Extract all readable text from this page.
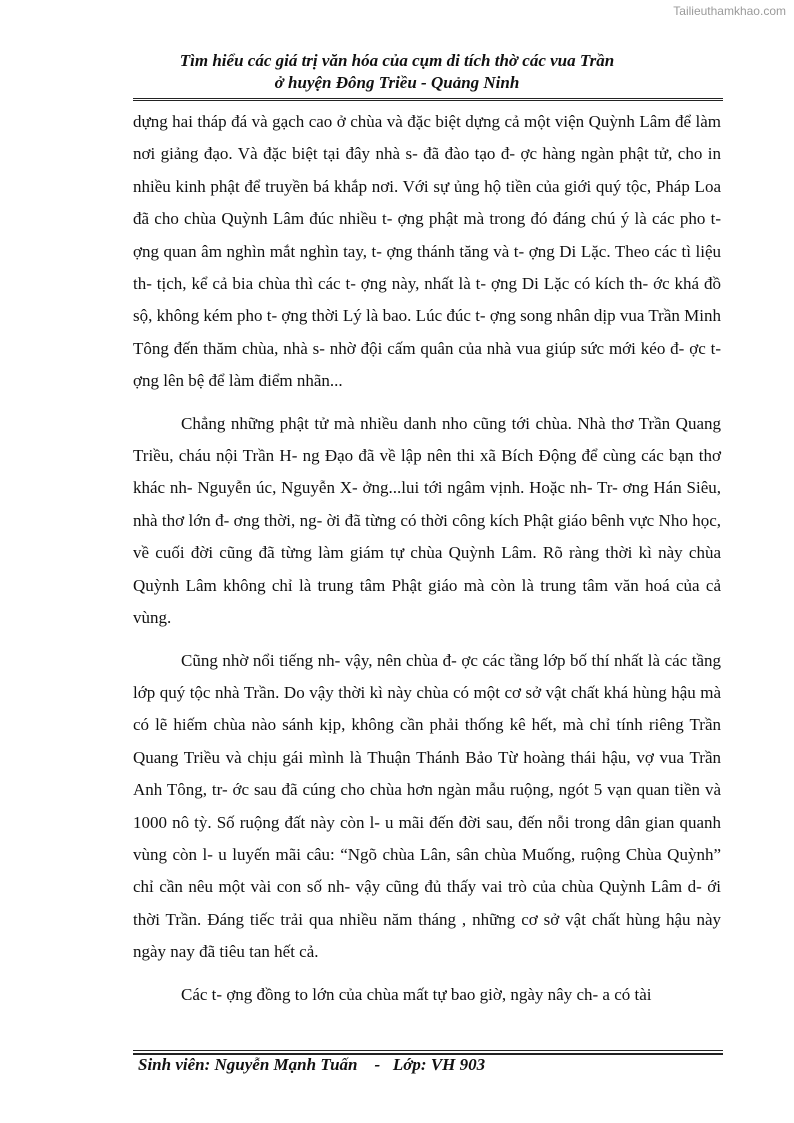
Tailieuthamkhao.com
Tìm hiểu các giá trị văn hóa của cụm di tích thờ các vua Trần
ở huyện Đông Triều - Quảng Ninh

dựng hai tháp đá và gạch cao ở chùa và đặc biệt dựng cả một viện Quỳnh Lâm để làm nơi giảng đạo. Và đặc biệt tại đây nhà s- đã đào tạo đ- ợc hàng ngàn phật tử, cho in nhiều kinh phật để truyền bá khắp nơi. Với sự ủng hộ tiền của giới quý tộc, Pháp Loa đã cho chùa Quỳnh Lâm đúc nhiều t- ợng phật mà trong đó đáng chú ý là các pho t- ợng quan âm nghìn mắt nghìn tay, t- ợng thánh tăng và t- ợng Di Lặc. Theo các tì liệu th- tịch, kể cả bia chùa thì các t- ợng này, nhất là t- ợng Di Lặc có kích th- ớc khá đồ sộ, không kém pho t- ợng thời Lý là bao. Lúc đúc t- ợng song nhân dịp vua Trần Minh Tông đến thăm chùa, nhà s- nhờ đội cấm quân của nhà vua giúp sức mới kéo đ- ợc t- ợng lên bệ để làm điểm nhãn...

Chẳng những phật tử mà nhiều danh nho cũng tới chùa. Nhà thơ Trần Quang Triều, cháu nội Trần H- ng Đạo đã về lập nên thi xã Bích Động để cùng các bạn thơ khác nh- Nguyễn úc, Nguyễn X- ởng...lui tới ngâm vịnh. Hoặc nh- Tr- ơng Hán Siêu, nhà thơ lớn đ- ơng thời, ng- ời đã từng có thời công kích Phật giáo bênh vực Nho học, về cuối đời cũng đã từng làm giám tự chùa Quỳnh Lâm. Rõ ràng thời kì này chùa Quỳnh Lâm không chỉ là trung tâm Phật giáo mà còn là trung tâm văn hoá của cả vùng.

Cũng nhờ nổi tiếng nh- vậy, nên chùa đ- ợc các tầng lớp bố thí nhất là các tầng lớp quý tộc nhà Trần. Do vậy thời kì này chùa có một cơ sở vật chất khá hùng hậu mà có lẽ hiếm chùa nào sánh kịp, không cần phải thống kê hết, mà chỉ tính riêng Trần Quang Triều và chịu gái mình là Thuận Thánh Bảo Từ hoàng thái hậu, vợ vua Trần Anh Tông, tr- ớc sau đã cúng cho chùa hơn ngàn mẫu ruộng, ngót 5 vạn quan tiền và 1000 nô tỳ. Số ruộng đất này còn l- u mãi đến đời sau, đến nỗi trong dân gian quanh vùng còn l- u luyến mãi câu: “Ngõ chùa Lân, sân chùa Muống, ruộng Chùa Quỳnh” chỉ cần nêu một vài con số nh- vậy cũng đủ thấy vai trò của chùa Quỳnh Lâm d- ới thời Trần. Đáng tiếc trải qua nhiều năm tháng , những cơ sở vật chất hùng hậu này ngày nay đã tiêu tan hết cả.

Các t- ợng đồng to lớn của chùa mất tự bao giờ, ngày nây ch- a có tài

Sinh viên: Nguyễn Mạnh Tuấn - Lớp: VH 903
